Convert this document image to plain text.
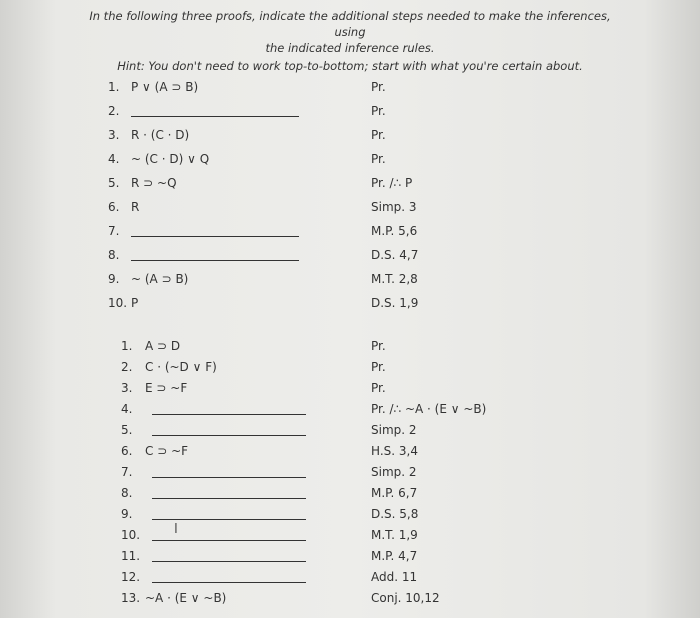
In the following three proofs, indicate the additional steps needed to make the inferences, using
the indicated inference rules.
Hint: You don't need to work top-to-bottom; start with what you're certain about.
1. P ∨ (A ⊃ B)	Pr.
2.	Pr.
3. R · (C · D)	Pr.
4. ~ (C · D) ∨ Q	Pr.
5. R ⊃ ~Q	Pr. /∴ P
6. R	Simp. 3
7.	M.P. 5,6
8.	D.S. 4,7
9. ~ (A ⊃ B)	M.T. 2,8
10. P	D.S. 1,9
1. A ⊃ D	Pr.
2. C · (~D ∨ F)	Pr.
3. E ⊃ ~F	Pr.
4.	Pr. /∴ ~A · (E ∨ ~B)
5.	Simp. 2
6. C ⊃ ~F	H.S. 3,4
7.	Simp. 2
8.	M.P. 6,7
9.	D.S. 5,8
10.	M.T. 1,9
11.	M.P. 4,7
12.	Add. 11
13. ~A · (E ∨ ~B)	Conj. 10,12
I
